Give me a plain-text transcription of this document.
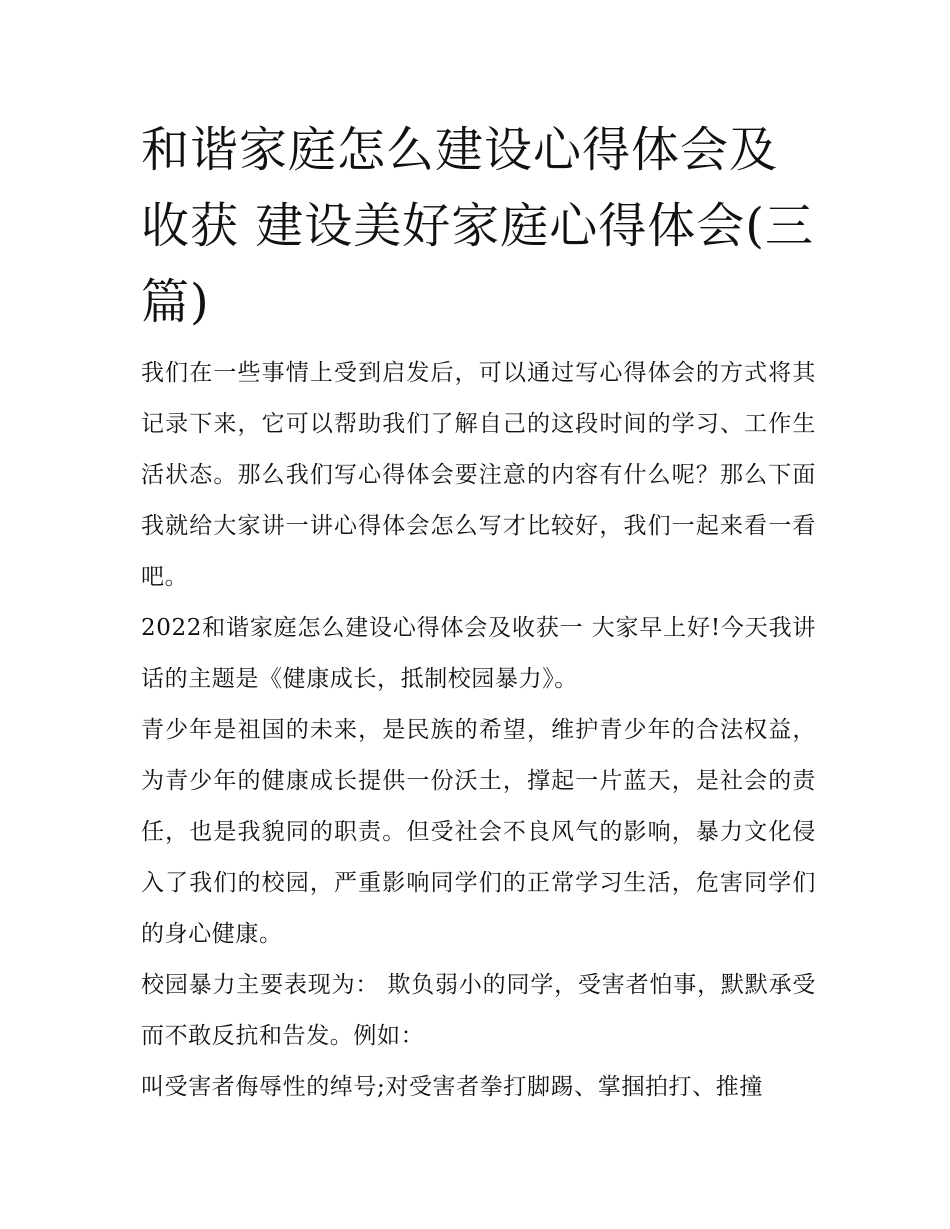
和谐家庭怎么建设心得体会及收获 建设美好家庭心得体会(三篇)

我们在一些事情上受到启发后，可以通过写心得体会的方式将其记录下来，它可以帮助我们了解自己的这段时间的学习、工作生活状态。那么我们写心得体会要注意的内容有什么呢？那么下面我就给大家讲一讲心得体会怎么写才比较好，我们一起来看一看吧。

2022和谐家庭怎么建设心得体会及收获一 大家早上好!今天我讲话的主题是《健康成长，抵制校园暴力》。

青少年是祖国的未来，是民族的希望，维护青少年的合法权益，为青少年的健康成长提供一份沃土，撑起一片蓝天，是社会的责任，也是我貌同的职责。但受社会不良风气的影响，暴力文化侵入了我们的校园，严重影响同学们的正常学习生活，危害同学们的身心健康。

校园暴力主要表现为： 欺负弱小的同学，受害者怕事，默默承受而不敢反抗和告发。例如：

叫受害者侮辱性的绰号;对受害者拳打脚踢、掌掴拍打、推撞
